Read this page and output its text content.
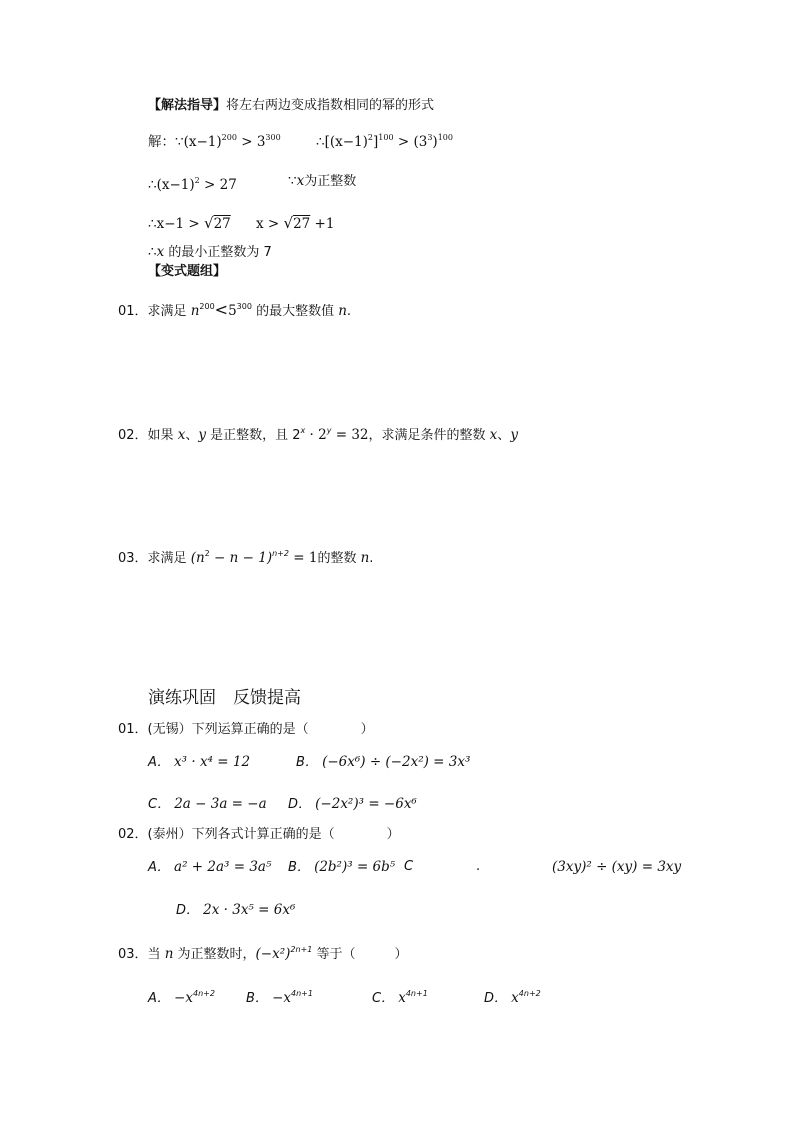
【解法指导】将左右两边变成指数相同的幂的形式
解：$\because(x-1)^{200} > 3^{300}$	$\therefore[(x-1)^2]^{100} > (3^3)^{100}$
$\therefore(x-1)^2 > 27$	∵x为正整数
∴x−1 > √27 x > √27 +1
∴x 的最小正整数为 7
【变式题组】
01．求满足 $n^{200}<5^{300}$ 的最大整数值 n.
02．如果 x、y 是正整数，且 $2^x \cdot 2^y = 32$，求满足条件的整数 x、y
03．求满足 $(n^2 - n - 1)^{n+2} = 1$的整数 n.
演练巩固　反馈提高
01．(无锡）下列运算正确的是（　　　　）
A． x³ · x⁴ = 12	B． (−6x⁶) ÷ (−2x²) = 3x³
C． 2a − 3a = −a D． (−2x²)³ = −6x⁶
02．(泰州）下列各式计算正确的是（　　　　）
A． a² + 2a³ = 3a⁵ B． (2b²)³ = 6b⁵ C	.	(3xy)² ÷ (xy) = 3xy
D． 2x · 3x⁵ = 6x⁶
03．当 n 为正整数时，$(-x^2)^{2n+1}$ 等于（　　　）
A． $-x^{4n+2}$ B． $-x^{4n+1}$	C． $x^{4n+1}$	D． $x^{4n+2}$
